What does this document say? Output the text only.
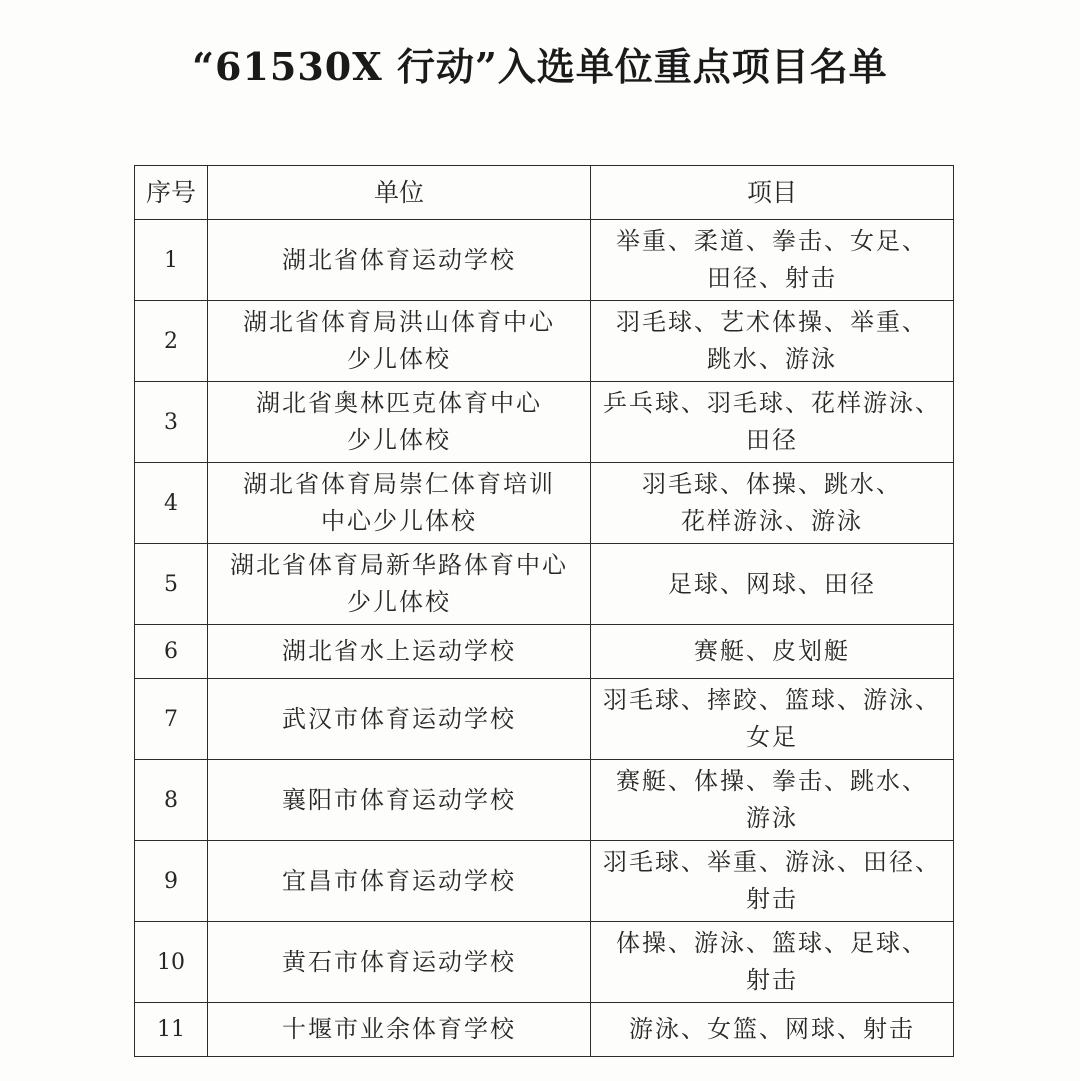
“61530X 行动”入选单位重点项目名单
序号	单位	项目
1	湖北省体育运动学校	举重、柔道、拳击、女足、
田径、射击

2	湖北省体育局洪山体育中心
少儿体校	羽毛球、艺术体操、举重、
跳水、游泳

3	湖北省奥林匹克体育中心
少儿体校	乒乓球、羽毛球、花样游泳、
田径

4	湖北省体育局崇仁体育培训
中心少儿体校	羽毛球、体操、跳水、
花样游泳、游泳

5	湖北省体育局新华路体育中心
少儿体校	足球、网球、田径

6	湖北省水上运动学校	赛艇、皮划艇

7	武汉市体育运动学校	羽毛球、摔跤、篮球、游泳、
女足

8	襄阳市体育运动学校	赛艇、体操、拳击、跳水、
游泳

9	宜昌市体育运动学校	羽毛球、举重、游泳、田径、
射击

10	黄石市体育运动学校	体操、游泳、篮球、足球、
射击

11	十堰市业余体育学校	游泳、女篮、网球、射击
